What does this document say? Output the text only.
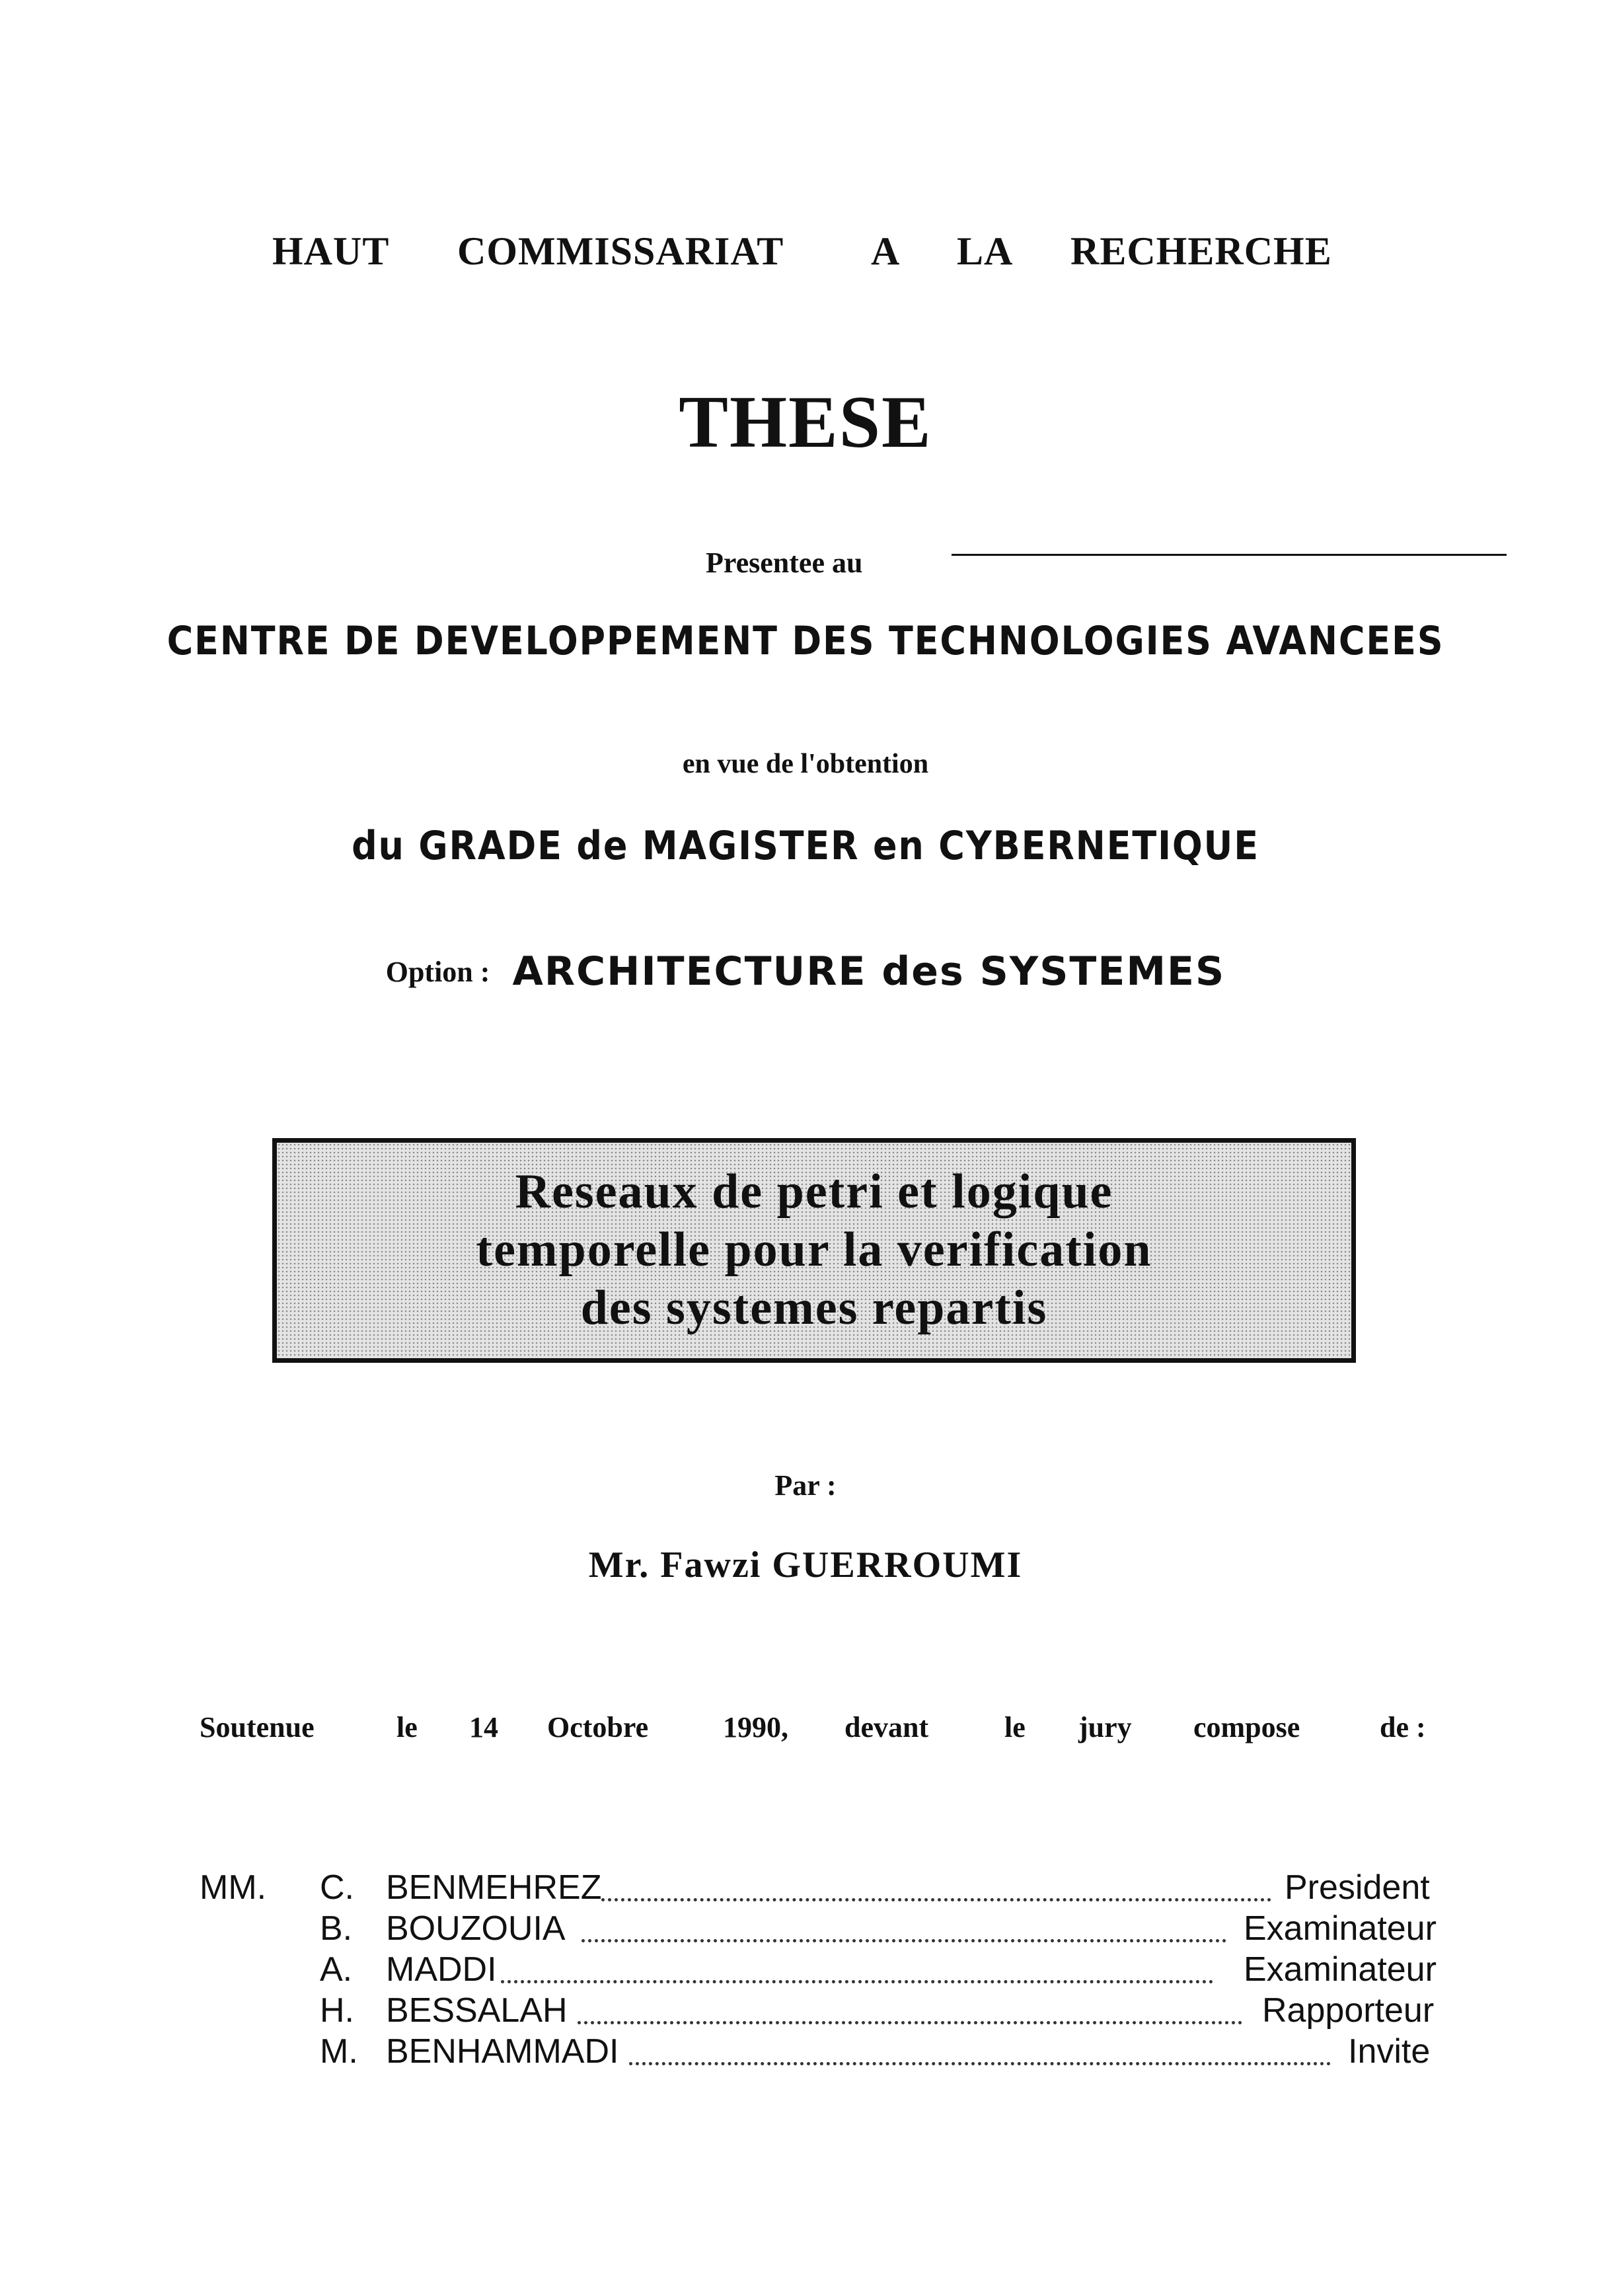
HAUT COMMISSARIAT A LA RECHERCHE
THESE
Presentee au
CENTRE DE DEVELOPPEMENT DES TECHNOLOGIES AVANCEES
en vue de l'obtention
du GRADE de MAGISTER en CYBERNETIQUE
Option : ARCHITECTURE des SYSTEMES
Reseaux de petri et logique
temporelle pour la verification
des systemes repartis
Par :
Mr. Fawzi GUERROUMI
Soutenue	le 14 Octobre	1990, devant	le jury compose	de :
MM. C. BENMEHREZ	President
B. BOUZOUIA	Examinateur
A. MADDI	Examinateur
H. BESSALAH	Rapporteur
M. BENHAMMADI	Invite
